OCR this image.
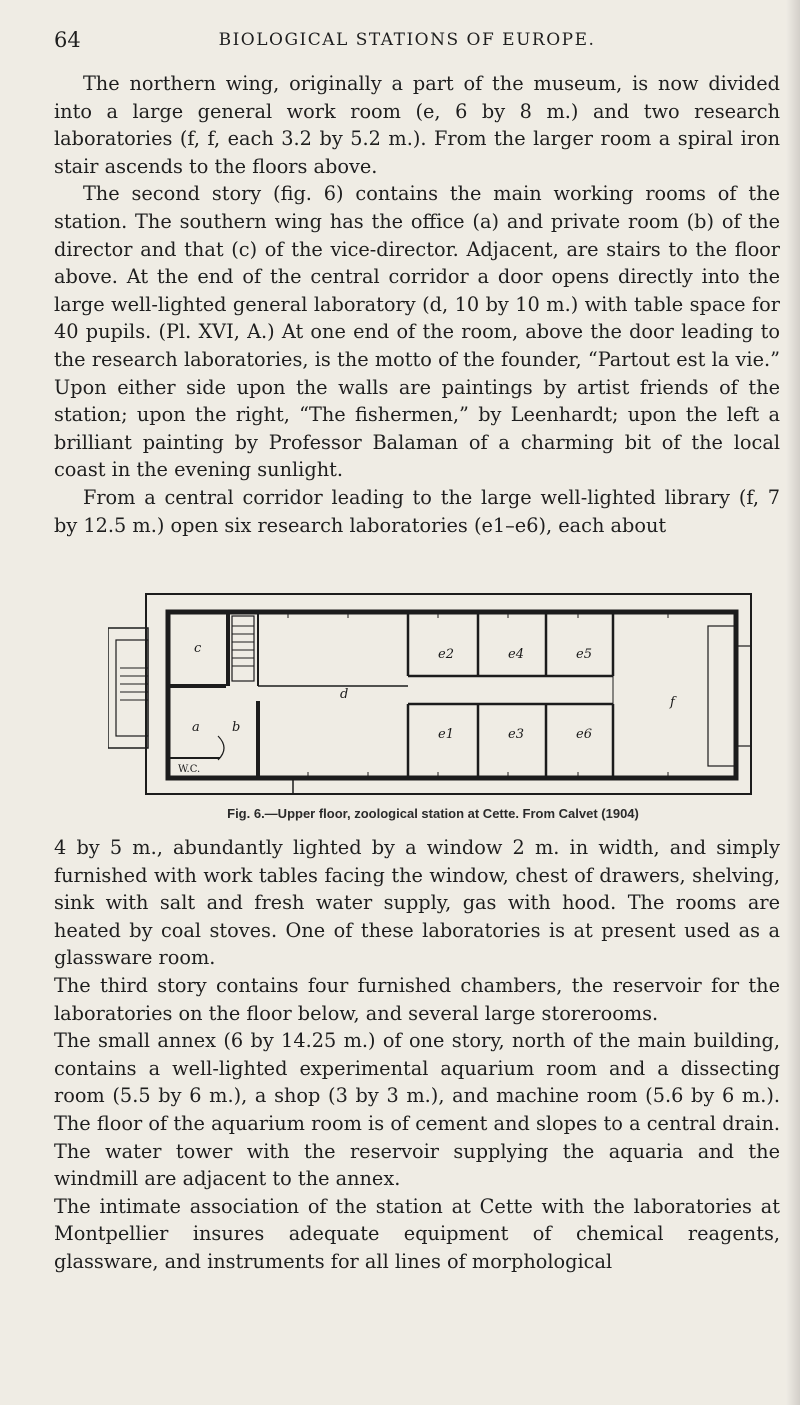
64	BIOLOGICAL STATIONS OF EUROPE.

The northern wing, originally a part of the museum, is now divided into a large general work room (e, 6 by 8 m.) and two research laboratories (f, f, each 3.2 by 5.2 m.). From the larger room a spiral iron stair ascends to the floors above.

The second story (fig. 6) contains the main working rooms of the station. The southern wing has the office (a) and private room (b) of the director and that (c) of the vice-director. Adjacent, are stairs to the floor above. At the end of the central corridor a door opens directly into the large well-lighted general laboratory (d, 10 by 10 m.) with table space for 40 pupils. (Pl. XVI, A.) At one end of the room, above the door leading to the research laboratories, is the motto of the founder, “Partout est la vie.” Upon either side upon the walls are paintings by artist friends of the station; upon the right, “The fishermen,” by Leenhardt; upon the left a brilliant painting by Professor Balaman of a charming bit of the local coast in the evening sunlight.

From a central corridor leading to the large well-lighted library (f, 7 by 12.5 m.) open six research laboratories (e1–e6), each about

c
a b
d
f
W.C.
e1
e2
e3
e4	e5
e6
Fig. 6.—Upper floor, zoological station at Cette. From Calvet (1904)

4 by 5 m., abundantly lighted by a window 2 m. in width, and simply furnished with work tables facing the window, chest of drawers, shelving, sink with salt and fresh water supply, gas with hood. The rooms are heated by coal stoves. One of these laboratories is at present used as a glassware room.

The third story contains four furnished chambers, the reservoir for the laboratories on the floor below, and several large storerooms.

The small annex (6 by 14.25 m.) of one story, north of the main building, contains a well-lighted experimental aquarium room and a dissecting room (5.5 by 6 m.), a shop (3 by 3 m.), and machine room (5.6 by 6 m.). The floor of the aquarium room is of cement and slopes to a central drain. The water tower with the reservoir supplying the aquaria and the windmill are adjacent to the annex.

The intimate association of the station at Cette with the laboratories at Montpellier insures adequate equipment of chemical reagents, glassware, and instruments for all lines of morphological
